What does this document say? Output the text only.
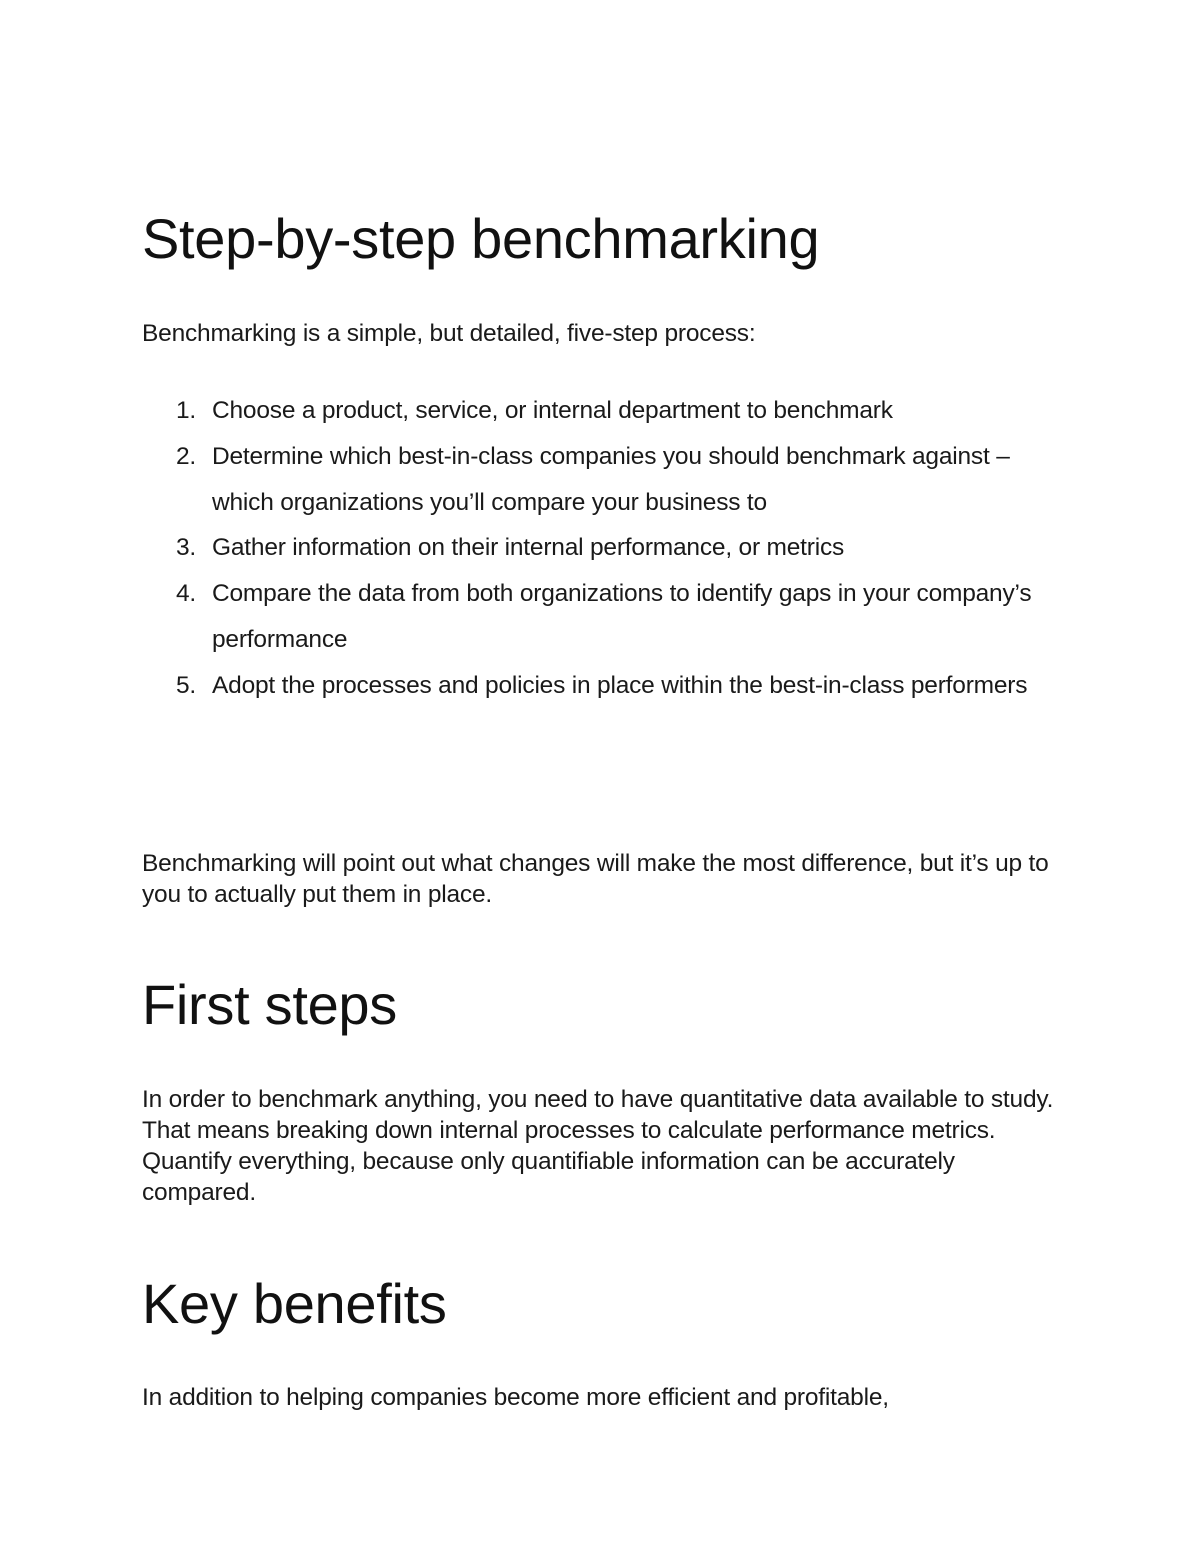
Step-by-step benchmarking

Benchmarking is a simple, but detailed, five-step process:

1. Choose a product, service, or internal department to benchmark
2. Determine which best-in-class companies you should benchmark against – which organizations you’ll compare your business to
3. Gather information on their internal performance, or metrics
4. Compare the data from both organizations to identify gaps in your company’s performance
5. Adopt the processes and policies in place within the best-in-class performers

Benchmarking will point out what changes will make the most difference, but it’s up to you to actually put them in place.

First steps

In order to benchmark anything, you need to have quantitative data available to study. That means breaking down internal processes to calculate performance metrics. Quantify everything, because only quantifiable information can be accurately compared.

Key benefits

In addition to helping companies become more efficient and profitable,
